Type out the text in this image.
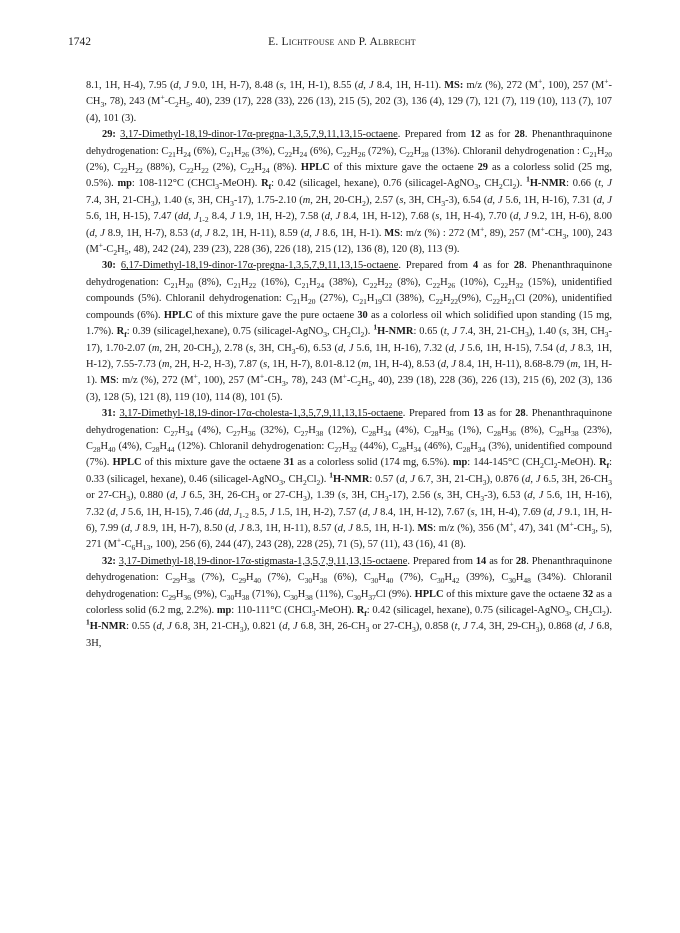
1742	E. Lichtfouse and P. Albrecht

8.1, 1H, H-4), 7.95 (d, J 9.0, 1H, H-7), 8.48 (s, 1H, H-1), 8.55 (d, J 8.4, 1H, H-11). MS: m/z (%), 272 (M+, 100), 257 ($M^+-CH_3$, 78), 243 ($M^+-C_2H_5$, 40), 239 (17), 228 (33), 226 (13), 215 (5), 202 (3), 136 (4), 129 (7), 121 (7), 119 (10), 113 (7), 107 (4), 101 (3).

29: 3,17-Dimethyl-18,19-dinor-17α-pregna-1,3,5,7,9,11,13,15-octaene. Prepared from 12 as for 28. Phenanthraquinone dehydrogenation: $C_{21}H_{24}$ (6%), $C_{21}H_{26}$ (3%), $C_{22}H_{24}$ (6%), $C_{22}H_{26}$ (72%), $C_{22}H_{28}$ (13%). Chloranil dehydrogenation : $C_{21}H_{20}$ (2%), $C_{22}H_{22}$ (88%), $C_{22}H_{22}$ (2%), $C_{22}H_{24}$ (8%). HPLC of this mixture gave the octaene 29 as a colorless solid (25 mg, 0.5%). mp: 108-112°C (CHCl$_3$-MeOH). $R_f$: 0.42 (silicagel, hexane), 0.76 (silicagel-AgNO$_3$, $CH_2Cl_2$). $^1$H-NMR: 0.66 (t, J 7.4, 3H, $21-CH_3$), 1.40 (s, 3H, $CH_3-17$), 1.75-2.10 (m, 2H, $20-CH_2$), 2.57 (s, 3H, $CH_3-3$), 6.54 (d, J 5.6, 1H, H-16), 7.31 (d, J 5.6, 1H, H-15), 7.47 (dd, $J_{1-2}$ 8.4, J 1.9, 1H, H-2), 7.58 (d, J 8.4, 1H, H-12), 7.68 (s, 1H, H-4), 7.70 (d, J 9.2, 1H, H-6), 8.00 (d, J 8.9, 1H, H-7), 8.53 (d, J 8.2, 1H, H-11), 8.59 (d, J 8.6, 1H, H-1). MS: m/z (%) : 272 (M+, 89), 257 ($M^+-CH_3$, 100), 243 ($M^+-C_2H_5$, 48), 242 (24), 239 (23), 228 (36), 226 (18), 215 (12), 136 (8), 120 (8), 113 (9).

30: 6,17-Dimethyl-18,19-dinor-17α-pregna-1,3,5,7,9,11,13,15-octaene. Prepared from 4 as for 28. Phenanthraquinone dehydrogenation: $C_{21}H_{20}$ (8%), $C_{21}H_{22}$ (16%), $C_{21}H_{24}$ (38%), $C_{22}H_{22}$ (8%), $C_{22}H_{26}$ (10%), $C_{22}H_{32}$ (15%), unidentified compounds (5%). Chloranil dehydrogenation: $C_{21}H_{20}$ (27%), $C_{21}H_{19}Cl$ (38%), $C_{22}H_{22}(9\%)$, $C_{22}H_{21}Cl$ (20%), unidentified compounds (6%). HPLC of this mixture gave the pure octaene 30 as a colorless oil which solidified upon standing (15 mg, 1.7%). $R_f$: 0.39 (silicagel,hexane), 0.75 (silicagel-AgNO$_3$, $CH_2Cl_2$). $^1$H-NMR: 0.65 (t, J 7.4, 3H, $21-CH_3$), 1.40 (s, 3H, $CH_3-17$), 1.70-2.07 (m, 2H, $20-CH_2$), 2.78 (s, 3H, $CH_3-6$), 6.53 (d, J 5.6, 1H, H-16), 7.32 (d, J 5.6, 1H, H-15), 7.54 (d, J 8.3, 1H, H-12), 7.55-7.73 (m, 2H, H-2, H-3), 7.87 (s, 1H, H-7), 8.01-8.12 (m, 1H, H-4), 8.53 (d, J 8.4, 1H, H-11), 8.68-8.79 (m, 1H, H-1). MS: m/z (%), 272 (M+, 100), 257 ($M^+-CH_3$, 78), 243 ($M^+-C_2H_5$, 40), 239 (18), 228 (36), 226 (13), 215 (6), 202 (3), 136 (3), 128 (5), 121 (8), 119 (10), 114 (8), 101 (5).

31: 3,17-Dimethyl-18,19-dinor-17α-cholesta-1,3,5,7,9,11,13,15-octaene. Prepared from 13 as for 28. Phenanthraquinone dehydrogenation: $C_{27}H_{34}$ (4%), $C_{27}H_{36}$ (32%), $C_{27}H_{38}$ (12%), $C_{28}H_{34}$ (4%), $C_{28}H_{36}$ (1%), $C_{28}H_{36}$ (8%), $C_{28}H_{38}$ (23%), $C_{28}H_{40}$ (4%), $C_{28}H_{44}$ (12%). Chloranil dehydrogenation: $C_{27}H_{32}$ (44%), $C_{28}H_{34}$ (46%), $C_{28}H_{34}$ (3%), unidentified compound (7%). HPLC of this mixture gave the octaene 31 as a colorless solid (174 mg, 6.5%). mp: 144-145°C $(CH_2Cl_2-MeOH)$. $R_f$: 0.33 (silicagel, hexane), 0.46 (silicagel-AgNO$_3$, $CH_2Cl_2$). $^1$H-NMR: 0.57 (d, J 6.7, 3H, $21-CH_3$), 0.876 (d, J 6.5, 3H, $26-CH_3$ or $27-CH_3$), 0.880 (d, J 6.5, 3H, $26-CH_3$ or $27-CH_3$), 1.39 (s, 3H, $CH_3-17$), 2.56 (s, 3H, $CH_3-3$), 6.53 (d, J 5.6, 1H, H-16), 7.32 (d, J 5.6, 1H, H-15), 7.46 (dd, $J_{1-2}$ 8.5, J 1.5, 1H, H-2), 7.57 (d, J 8.4, 1H, H-12), 7.67 (s, 1H, H-4), 7.69 (d, J 9.1, 1H, H-6), 7.99 (d, J 8.9, 1H, H-7), 8.50 (d, J 8.3, 1H, H-11), 8.57 (d, J 8.5, 1H, H-1). MS: m/z (%), 356 (M+, 47), 341 ($M^+-CH_3$, 5), 271 ($M^+-C_6H_{13}$, 100), 256 (6), 244 (47), 243 (28), 228 (25), 71 (5), 57 (11), 43 (16), 41 (8).

32: 3,17-Dimethyl-18,19-dinor-17α-stigmasta-1,3,5,7,9,11,13,15-octaene. Prepared from 14 as for 28. Phenanthraquinone dehydrogenation: $C_{29}H_{38}$ (7%), $C_{29}H_{40}$ (7%), $C_{30}H_{38}$ (6%), $C_{30}H_{40}$ (7%), $C_{30}H_{42}$ (39%), $C_{30}H_{48}$ (34%). Chloranil dehydrogenation: $C_{29}H_{36}$ (9%), $C_{30}H_{38}$ (71%), $C_{30}H_{38}$ (11%), $C_{30}H_{37}Cl$ (9%). HPLC of this mixture gave the octaene 32 as a colorless solid (6.2 mg, 2.2%). mp: 110-111°C (CHCl$_3$-MeOH). $R_f$: 0.42 (silicagel, hexane), 0.75 (silicagel-AgNO$_3$, $CH_2Cl_2$). $^1$H-NMR: 0.55 (d, J 6.8, 3H, $21-CH_3$), 0.821 (d, J 6.8, 3H, $26-CH_3$ or $27-CH_3$), 0.858 (t, J 7.4, 3H, $29-CH_3$), 0.868 (d, J 6.8, 3H,
